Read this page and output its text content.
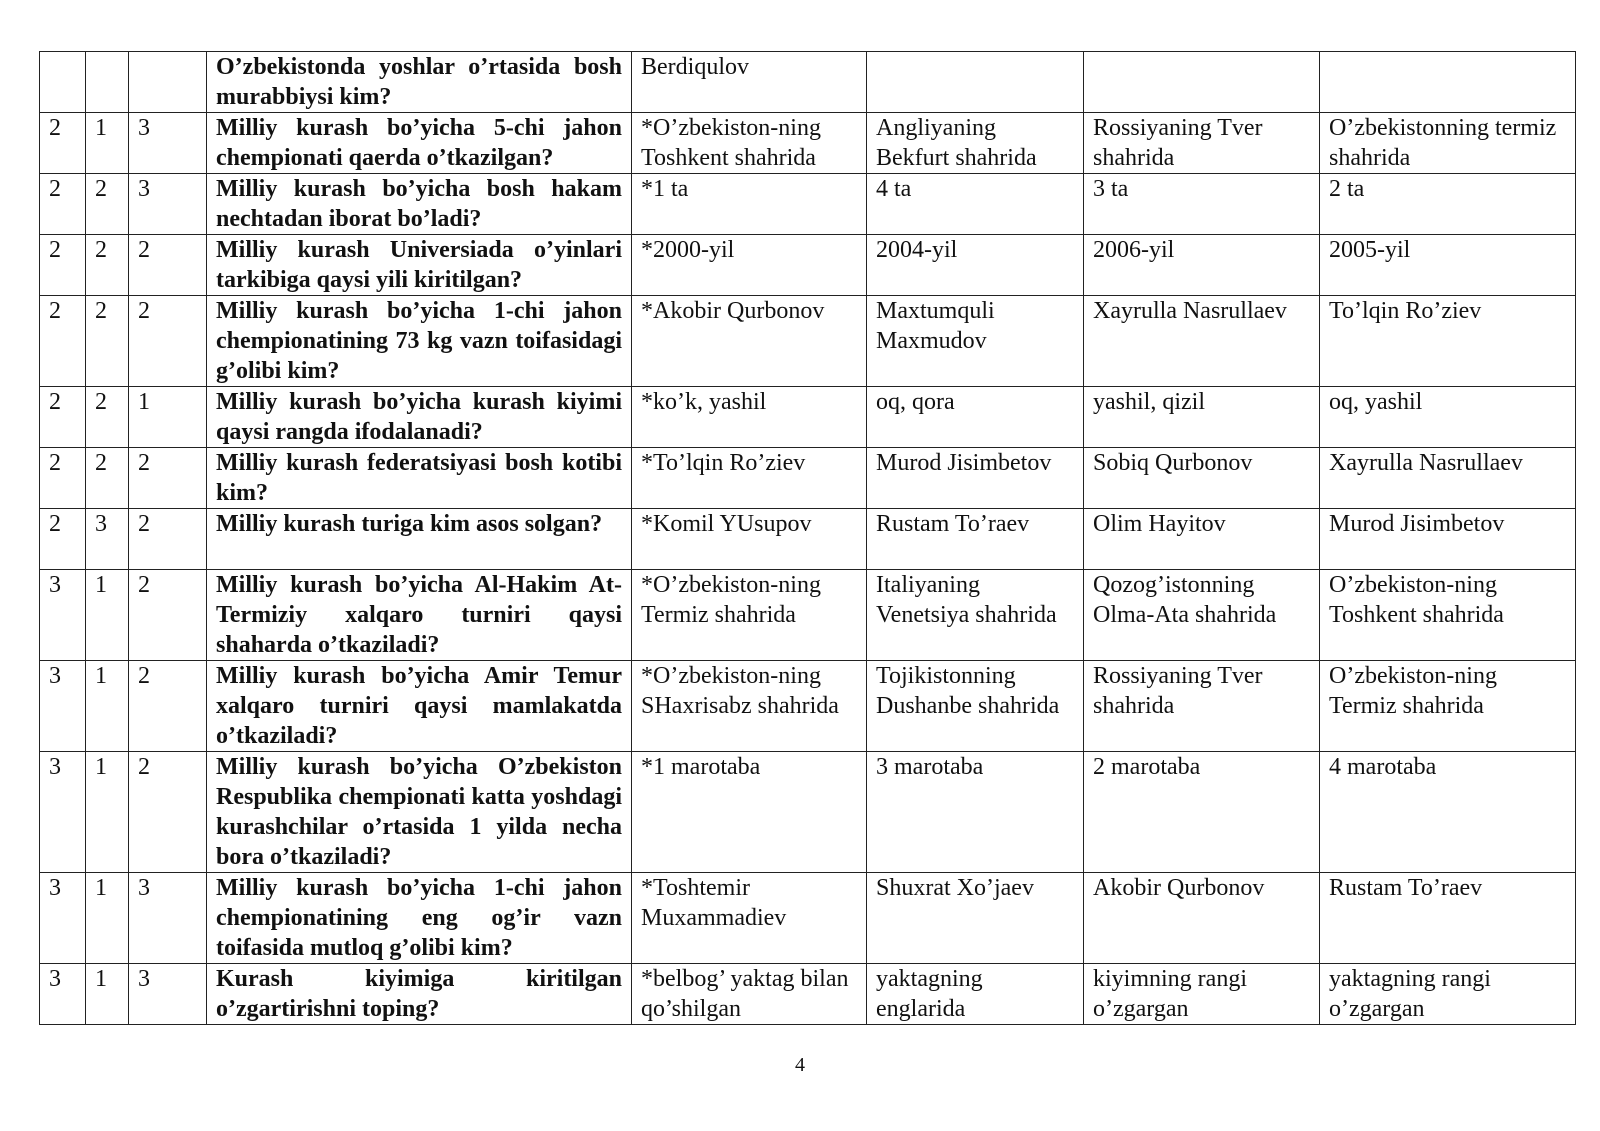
			O’zbekistonda yoshlar o’rtasida bosh murabbiysi kim?	Berdiqulov			
2	1	3	Milliy kurash bo’yicha 5-chi jahon chempionati qaerda o’tkazilgan?	*O’zbekiston-ning Toshkent shahrida	Angliyaning Bekfurt shahrida	Rossiyaning Tver shahrida	O’zbekistonning termiz shahrida
2	2	3	Milliy kurash bo’yicha bosh hakam nechtadan iborat bo’ladi?	*1 ta	4 ta	3 ta	2 ta
2	2	2	Milliy kurash Universiada o’yinlari tarkibiga qaysi yili kiritilgan?	*2000-yil	2004-yil	2006-yil	2005-yil
2	2	2	Milliy kurash bo’yicha 1-chi jahon chempionatining 73 kg vazn toifasidagi g’olibi kim?	*Akobir Qurbonov	Maxtumquli Maxmudov	Xayrulla Nasrullaev	To’lqin Ro’ziev
2	2	1	Milliy kurash bo’yicha kurash kiyimi qaysi rangda ifodalanadi?	*ko’k, yashil	oq, qora	yashil, qizil	oq, yashil
2	2	2	Milliy kurash federatsiyasi bosh kotibi kim?	*To’lqin Ro’ziev	Murod Jisimbetov	Sobiq Qurbonov	Xayrulla Nasrullaev
2	3	2	Milliy kurash turiga kim asos solgan?	*Komil YUsupov	Rustam To’raev	Olim Hayitov	Murod Jisimbetov
3	1	2	Milliy kurash bo’yicha Al-Hakim At-Termiziy xalqaro turniri qaysi shaharda o’tkaziladi?	*O’zbekiston-ning Termiz shahrida	Italiyaning Venetsiya shahrida	Qozog’istonning Olma-Ata shahrida	O’zbekiston-ning Toshkent shahrida
3	1	2	Milliy kurash bo’yicha Amir Temur xalqaro turniri qaysi mamlakatda o’tkaziladi?	*O’zbekiston-ning SHaxrisabz shahrida	Tojikistonning Dushanbe shahrida	Rossiyaning Tver shahrida	O’zbekiston-ning Termiz shahrida
3	1	2	Milliy kurash bo’yicha O’zbekiston Respublika chempionati katta yoshdagi kurashchilar o’rtasida 1 yilda necha bora o’tkaziladi?	*1 marotaba	3 marotaba	2 marotaba	4 marotaba
3	1	3	Milliy kurash bo’yicha 1-chi jahon chempionatining eng og’ir vazn toifasida mutloq g’olibi kim?	*Toshtemir Muxammadiev	Shuxrat Xo’jaev	Akobir Qurbonov	Rustam To’raev
3	1	3	Kurash kiyimiga kiritilgan o’zgartirishni toping?	*belbog’ yaktag bilan qo’shilgan	yaktagning englarida	kiyimning rangi o’zgargan	yaktagning rangi o’zgargan
4
